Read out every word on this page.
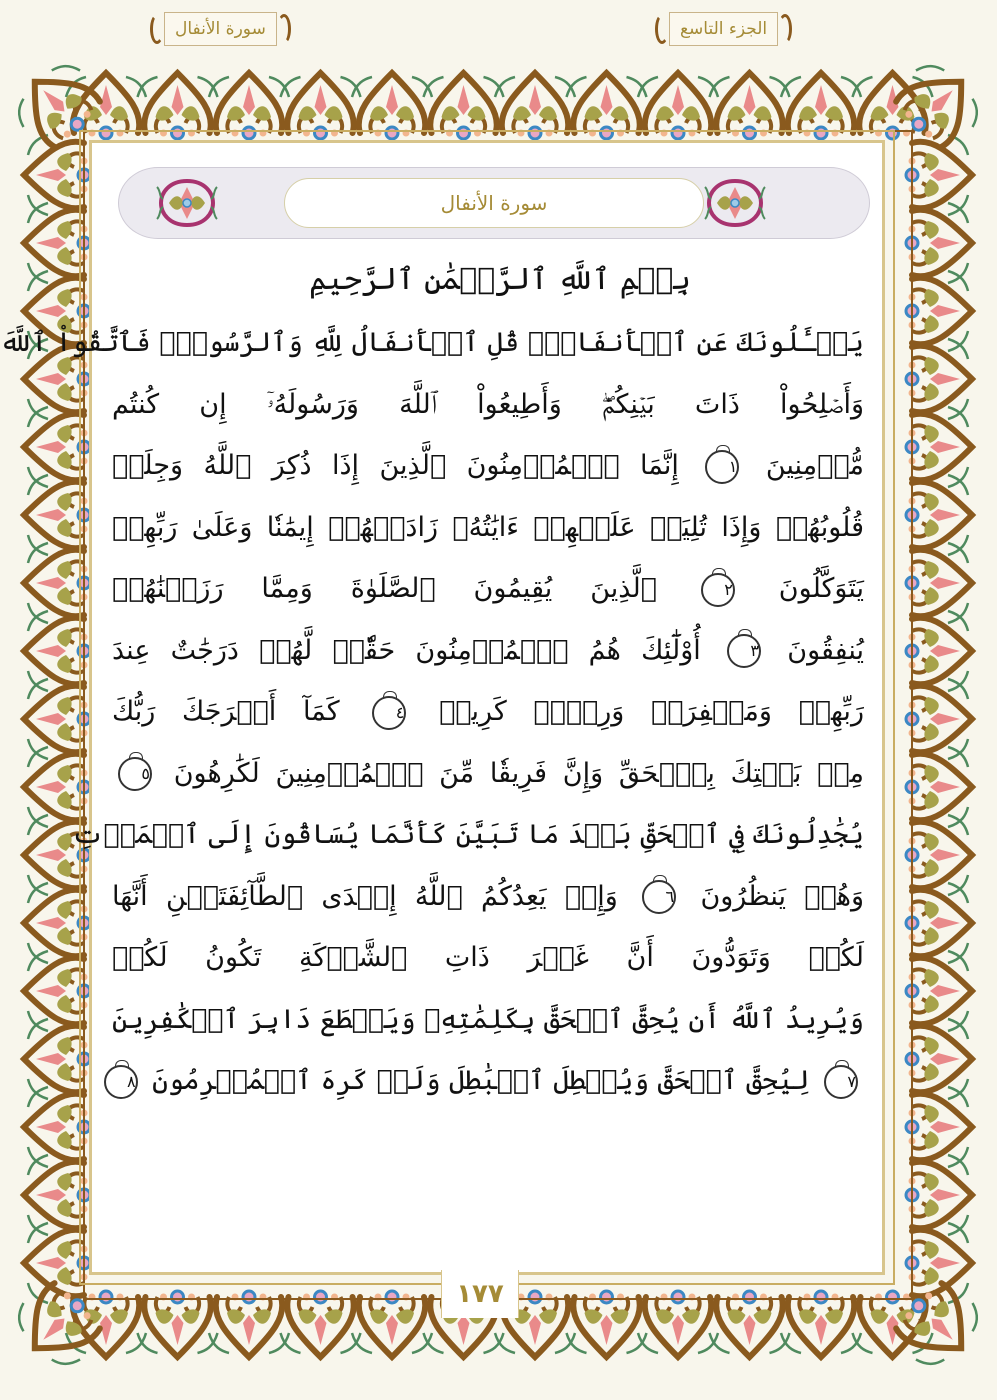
سورة الأنفال	الجزء التاسع
سورة الأنفال
بِسۡمِ ٱللَّهِ ٱلرَّحۡمَٰنِ ٱلرَّحِيمِ
يَسۡـَٔلُونَكَ عَنِ ٱلۡأَنفَالِۖ قُلِ ٱلۡأَنفَالُ لِلَّهِ وَٱلرَّسُولِۖ فَٱتَّقُواْ ٱللَّهَ
وَأَصۡلِحُواْ ذَاتَ بَيۡنِكُمۡۖ وَأَطِيعُواْ ٱللَّهَ وَرَسُولَهُۥٓ إِن كُنتُم
مُّؤۡمِنِينَ ١ إِنَّمَا ٱلۡمُؤۡمِنُونَ ٱلَّذِينَ إِذَا ذُكِرَ ٱللَّهُ وَجِلَتۡ
قُلُوبُهُمۡ وَإِذَا تُلِيَتۡ عَلَيۡهِمۡ ءَايَٰتُهُۥ زَادَتۡهُمۡ إِيمَٰنٗا وَعَلَىٰ رَبِّهِمۡ
يَتَوَكَّلُونَ ٢ ٱلَّذِينَ يُقِيمُونَ ٱلصَّلَوٰةَ وَمِمَّا رَزَقۡنَٰهُمۡ
يُنفِقُونَ ٣ أُوْلَٰٓئِكَ هُمُ ٱلۡمُؤۡمِنُونَ حَقّٗاۚ لَّهُمۡ دَرَجَٰتٌ عِندَ
رَبِّهِمۡ وَمَغۡفِرَةٞ وَرِزۡقٞ كَرِيمٞ ٤ كَمَآ أَخۡرَجَكَ رَبُّكَ
مِنۢ بَيۡتِكَ بِٱلۡحَقِّ وَإِنَّ فَرِيقٗا مِّنَ ٱلۡمُؤۡمِنِينَ لَكَٰرِهُونَ ٥
يُجَٰدِلُونَكَ فِي ٱلۡحَقِّ بَعۡدَ مَا تَبَيَّنَ كَأَنَّمَا يُسَاقُونَ إِلَى ٱلۡمَوۡتِ
وَهُمۡ يَنظُرُونَ ٦ وَإِذۡ يَعِدُكُمُ ٱللَّهُ إِحۡدَى ٱلطَّآئِفَتَيۡنِ أَنَّهَا
لَكُمۡ وَتَوَدُّونَ أَنَّ غَيۡرَ ذَاتِ ٱلشَّوۡكَةِ تَكُونُ لَكُمۡ
وَيُرِيدُ ٱللَّهُ أَن يُحِقَّ ٱلۡحَقَّ بِكَلِمَٰتِهِۦ وَيَقۡطَعَ دَابِرَ ٱلۡكَٰفِرِينَ
٧ لِيُحِقَّ ٱلۡحَقَّ وَيُبۡطِلَ ٱلۡبَٰطِلَ وَلَوۡ كَرِهَ ٱلۡمُجۡرِمُونَ ٨
١٧٧
